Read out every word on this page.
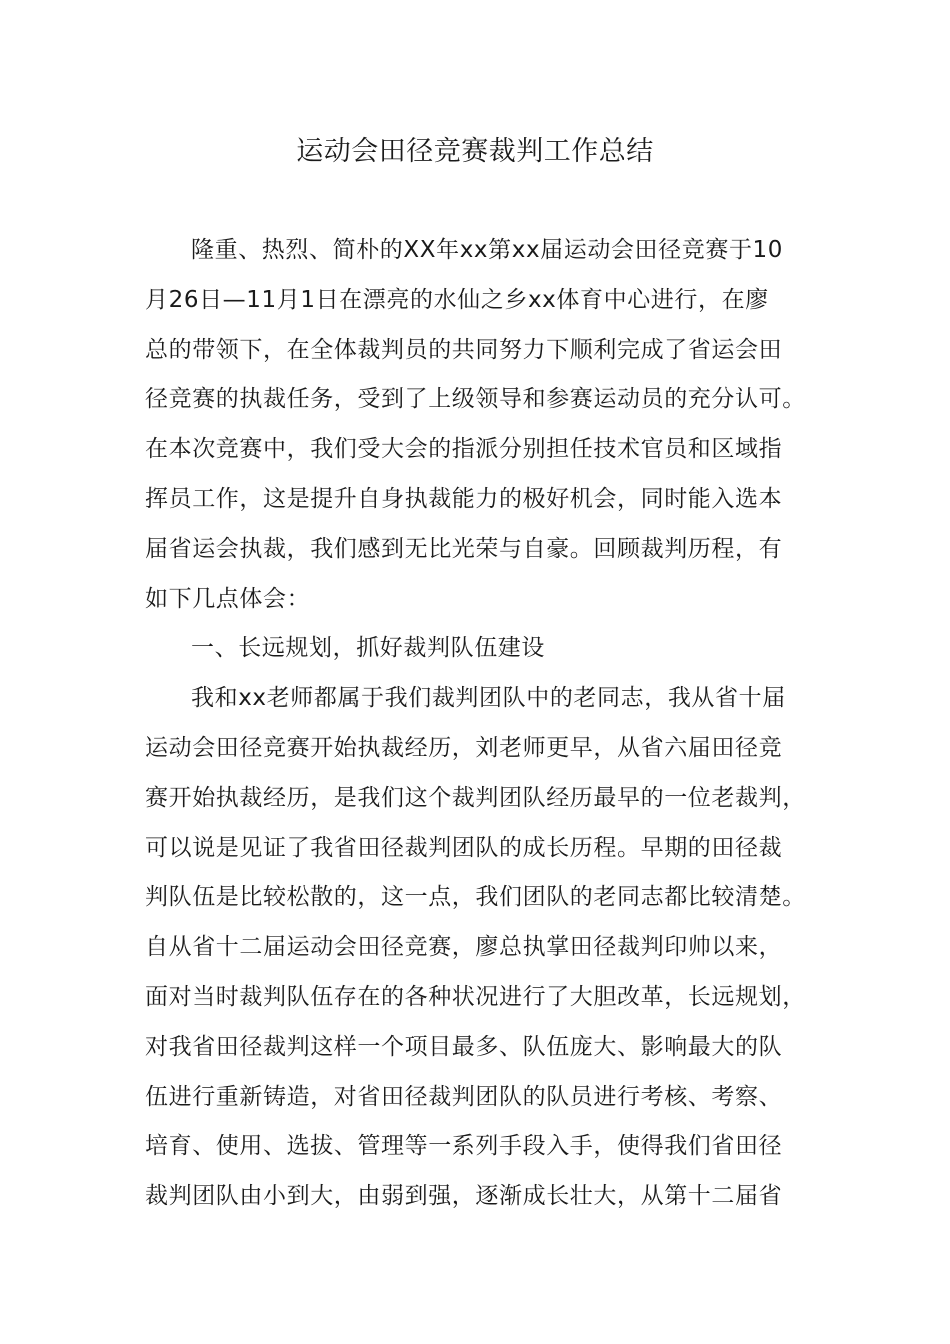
运动会田径竞赛裁判工作总结
隆重、热烈、简朴的XX年xx第xx届运动会田径竞赛于10
月26日—11月1日在漂亮的水仙之乡xx体育中心进行，在廖
总的带领下，在全体裁判员的共同努力下顺利完成了省运会田
径竞赛的执裁任务，受到了上级领导和参赛运动员的充分认可。
在本次竞赛中，我们受大会的指派分别担任技术官员和区域指
挥员工作，这是提升自身执裁能力的极好机会，同时能入选本
届省运会执裁，我们感到无比光荣与自豪。回顾裁判历程，有
如下几点体会：
一、长远规划，抓好裁判队伍建设
我和xx老师都属于我们裁判团队中的老同志，我从省十届
运动会田径竞赛开始执裁经历，刘老师更早，从省六届田径竞
赛开始执裁经历，是我们这个裁判团队经历最早的一位老裁判，
可以说是见证了我省田径裁判团队的成长历程。早期的田径裁
判队伍是比较松散的，这一点，我们团队的老同志都比较清楚。
自从省十二届运动会田径竞赛，廖总执掌田径裁判印帅以来，
面对当时裁判队伍存在的各种状况进行了大胆改革，长远规划，
对我省田径裁判这样一个项目最多、队伍庞大、影响最大的队
伍进行重新铸造，对省田径裁判团队的队员进行考核、考察、
培育、使用、选拔、管理等一系列手段入手，使得我们省田径
裁判团队由小到大，由弱到强，逐渐成长壮大，从第十二届省
